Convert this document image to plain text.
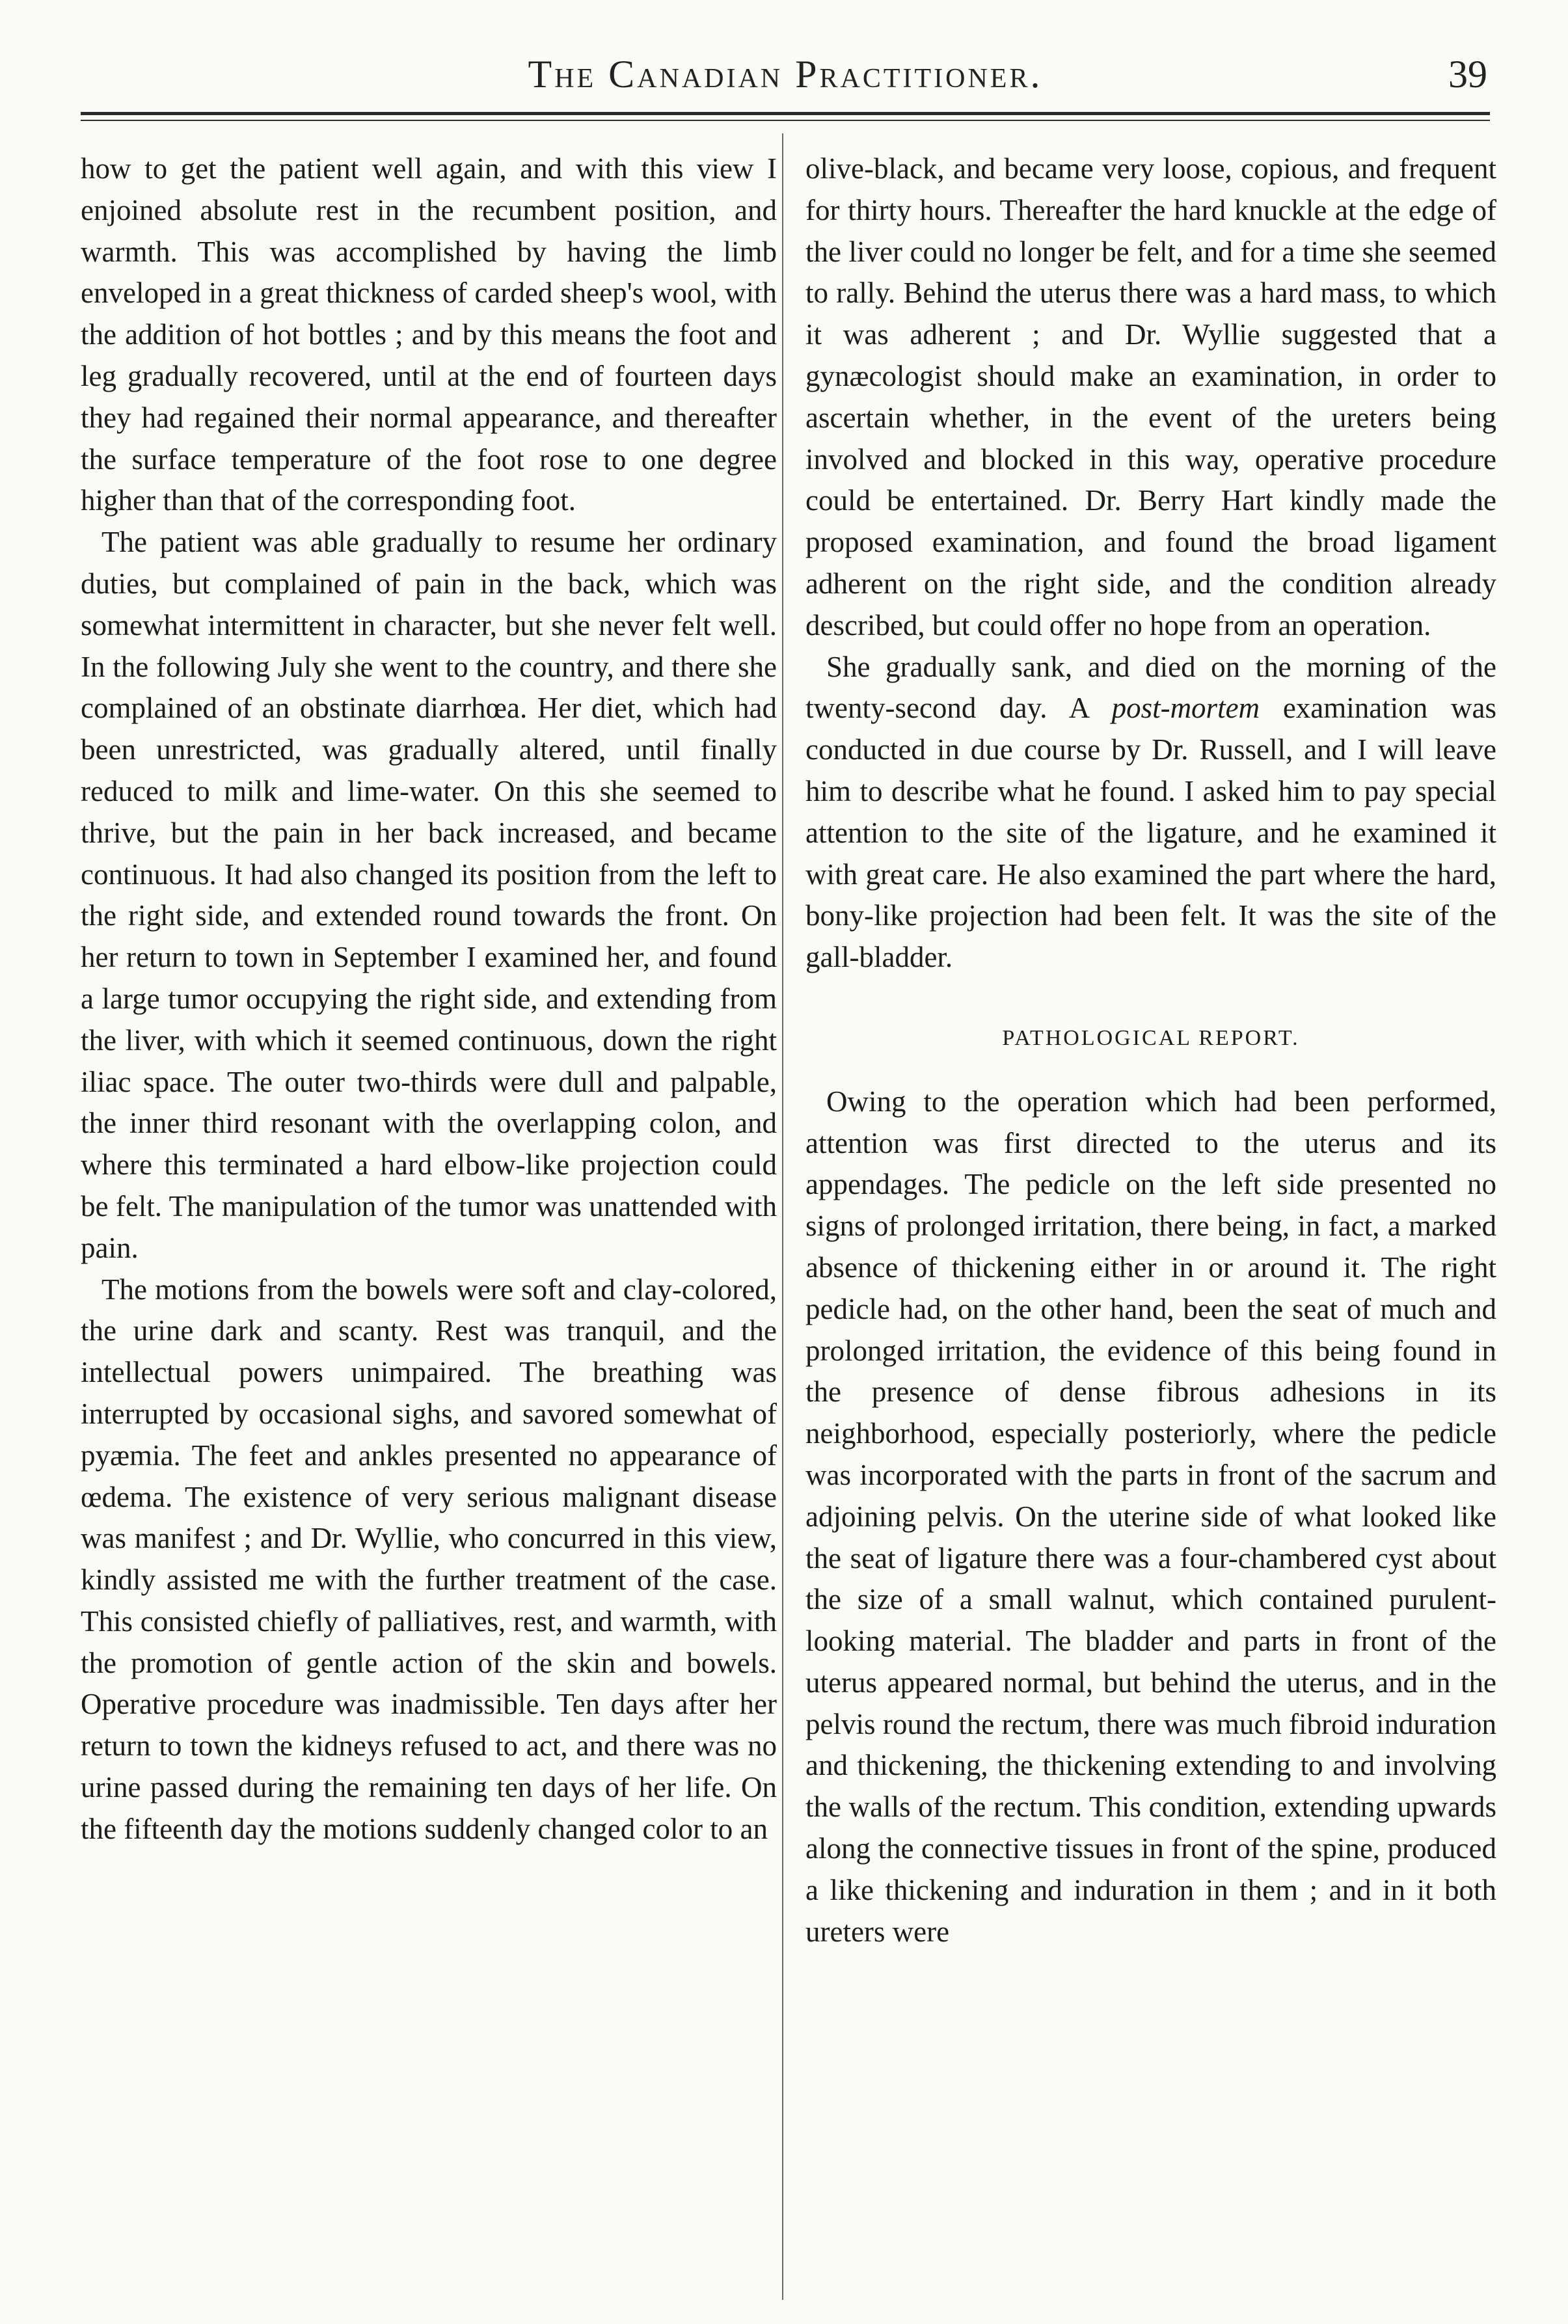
The Canadian Practitioner.	39

how to get the patient well again, and with this view I enjoined absolute rest in the recumbent position, and warmth. This was accomplished by having the limb enveloped in a great thickness of carded sheep's wool, with the addition of hot bottles ; and by this means the foot and leg gradually recovered, until at the end of fourteen days they had regained their normal appearance, and thereafter the surface temperature of the foot rose to one degree higher than that of the corresponding foot.

The patient was able gradually to resume her ordinary duties, but complained of pain in the back, which was somewhat intermittent in character, but she never felt well. In the following July she went to the country, and there she complained of an obstinate diarrhœa. Her diet, which had been unrestricted, was gradually altered, until finally reduced to milk and lime-water. On this she seemed to thrive, but the pain in her back increased, and became continuous. It had also changed its position from the left to the right side, and extended round towards the front. On her return to town in September I examined her, and found a large tumor occupying the right side, and extending from the liver, with which it seemed continuous, down the right iliac space. The outer two-thirds were dull and palpable, the inner third resonant with the overlapping colon, and where this terminated a hard elbow-like projection could be felt. The manipulation of the tumor was unattended with pain.

The motions from the bowels were soft and clay-colored, the urine dark and scanty. Rest was tranquil, and the intellectual powers unimpaired. The breathing was interrupted by occasional sighs, and savored somewhat of pyæmia. The feet and ankles presented no appearance of œdema. The existence of very serious malignant disease was manifest ; and Dr. Wyllie, who concurred in this view, kindly assisted me with the further treatment of the case. This consisted chiefly of palliatives, rest, and warmth, with the promotion of gentle action of the skin and bowels. Operative procedure was inadmissible. Ten days after her return to town the kidneys refused to act, and there was no urine passed during the remaining ten days of her life. On the fifteenth day the motions suddenly changed color to an

olive-black, and became very loose, copious, and frequent for thirty hours. Thereafter the hard knuckle at the edge of the liver could no longer be felt, and for a time she seemed to rally. Behind the uterus there was a hard mass, to which it was adherent ; and Dr. Wyllie suggested that a gynæcologist should make an examination, in order to ascertain whether, in the event of the ureters being involved and blocked in this way, operative procedure could be entertained. Dr. Berry Hart kindly made the proposed examination, and found the broad ligament adherent on the right side, and the condition already described, but could offer no hope from an operation.

She gradually sank, and died on the morning of the twenty-second day. A post-mortem examination was conducted in due course by Dr. Russell, and I will leave him to describe what he found. I asked him to pay special attention to the site of the ligature, and he examined it with great care. He also examined the part where the hard, bony-like projection had been felt. It was the site of the gall-bladder.

PATHOLOGICAL REPORT.

Owing to the operation which had been performed, attention was first directed to the uterus and its appendages. The pedicle on the left side presented no signs of prolonged irritation, there being, in fact, a marked absence of thickening either in or around it. The right pedicle had, on the other hand, been the seat of much and prolonged irritation, the evidence of this being found in the presence of dense fibrous adhesions in its neighborhood, especially posteriorly, where the pedicle was incorporated with the parts in front of the sacrum and adjoining pelvis. On the uterine side of what looked like the seat of ligature there was a four-chambered cyst about the size of a small walnut, which contained purulent-looking material. The bladder and parts in front of the uterus appeared normal, but behind the uterus, and in the pelvis round the rectum, there was much fibroid induration and thickening, the thickening extending to and involving the walls of the rectum. This condition, extending upwards along the connective tissues in front of the spine, produced a like thickening and induration in them ; and in it both ureters were
